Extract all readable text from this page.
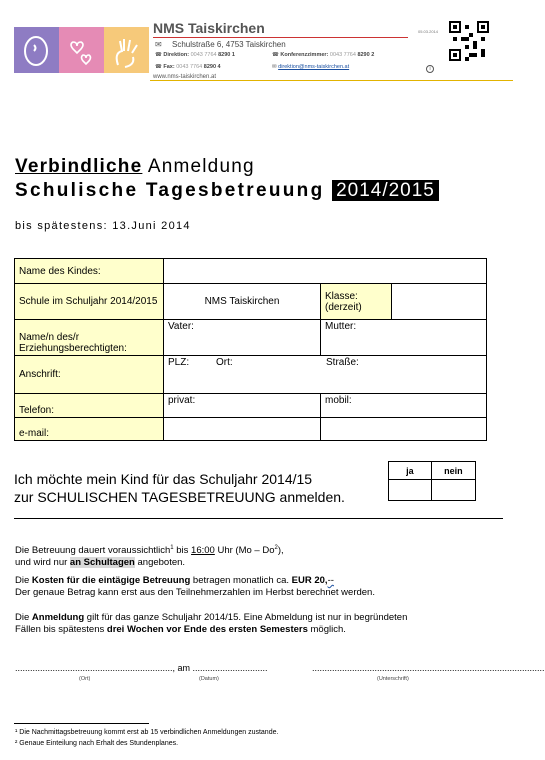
NMS Taiskirchen	05.03.2014
✉ Schulstraße 6, 4753 Taiskirchen
☎ Direktion: 0043 7764 8290 1	☎ Konferenzzimmer: 0043 7764 8290 2
☎ Fax: 0043 7764 8290 4	✉ direktion@nms-taiskirchen.at	i
www.nms-taiskirchen.at
Verbindliche Anmeldung
Schulische Tagesbetreuung 2014/2015
bis spätestens: 13.Juni 2014
Name des Kindes:			
Schule im Schuljahr 2014/2015	NMS Taiskirchen	Klasse: (derzeit)	
Name/n des/r Erziehungsberechtigten:	Vater:	Mutter:	
Anschrift:	PLZ: Ort: Straße:		

Telefon:	privat:	mobil:	
e-mail:			
Ich möchte mein Kind für das Schuljahr 2014/15
zur SCHULISCHEN TAGESBETREUUNG anmelden.
ja	nein

Die Betreuung dauert voraussichtlich$^1$ bis 16:00 Uhr (Mo – Do$^2$),
und wird nur an Schultagen angeboten.
Die Kosten für die eintägige Betreuung betragen monatlich ca. EUR 20,--
Der genaue Betrag kann erst aus den Teilnehmerzahlen im Herbst berechnet werden.
Die Anmeldung gilt für das ganze Schuljahr 2014/15. Eine Abmeldung ist nur in begründeten
Fällen bis spätestens drei Wochen vor Ende des ersten Semesters möglich.
..............................................................., am ..............................	.............................................................................................
(Ort)	(Datum)	(Unterschrift)
¹ Die Nachmittagsbetreuung kommt erst ab 15 verbindlichen Anmeldungen zustande.
² Genaue Einteilung nach Erhalt des Stundenplanes.
